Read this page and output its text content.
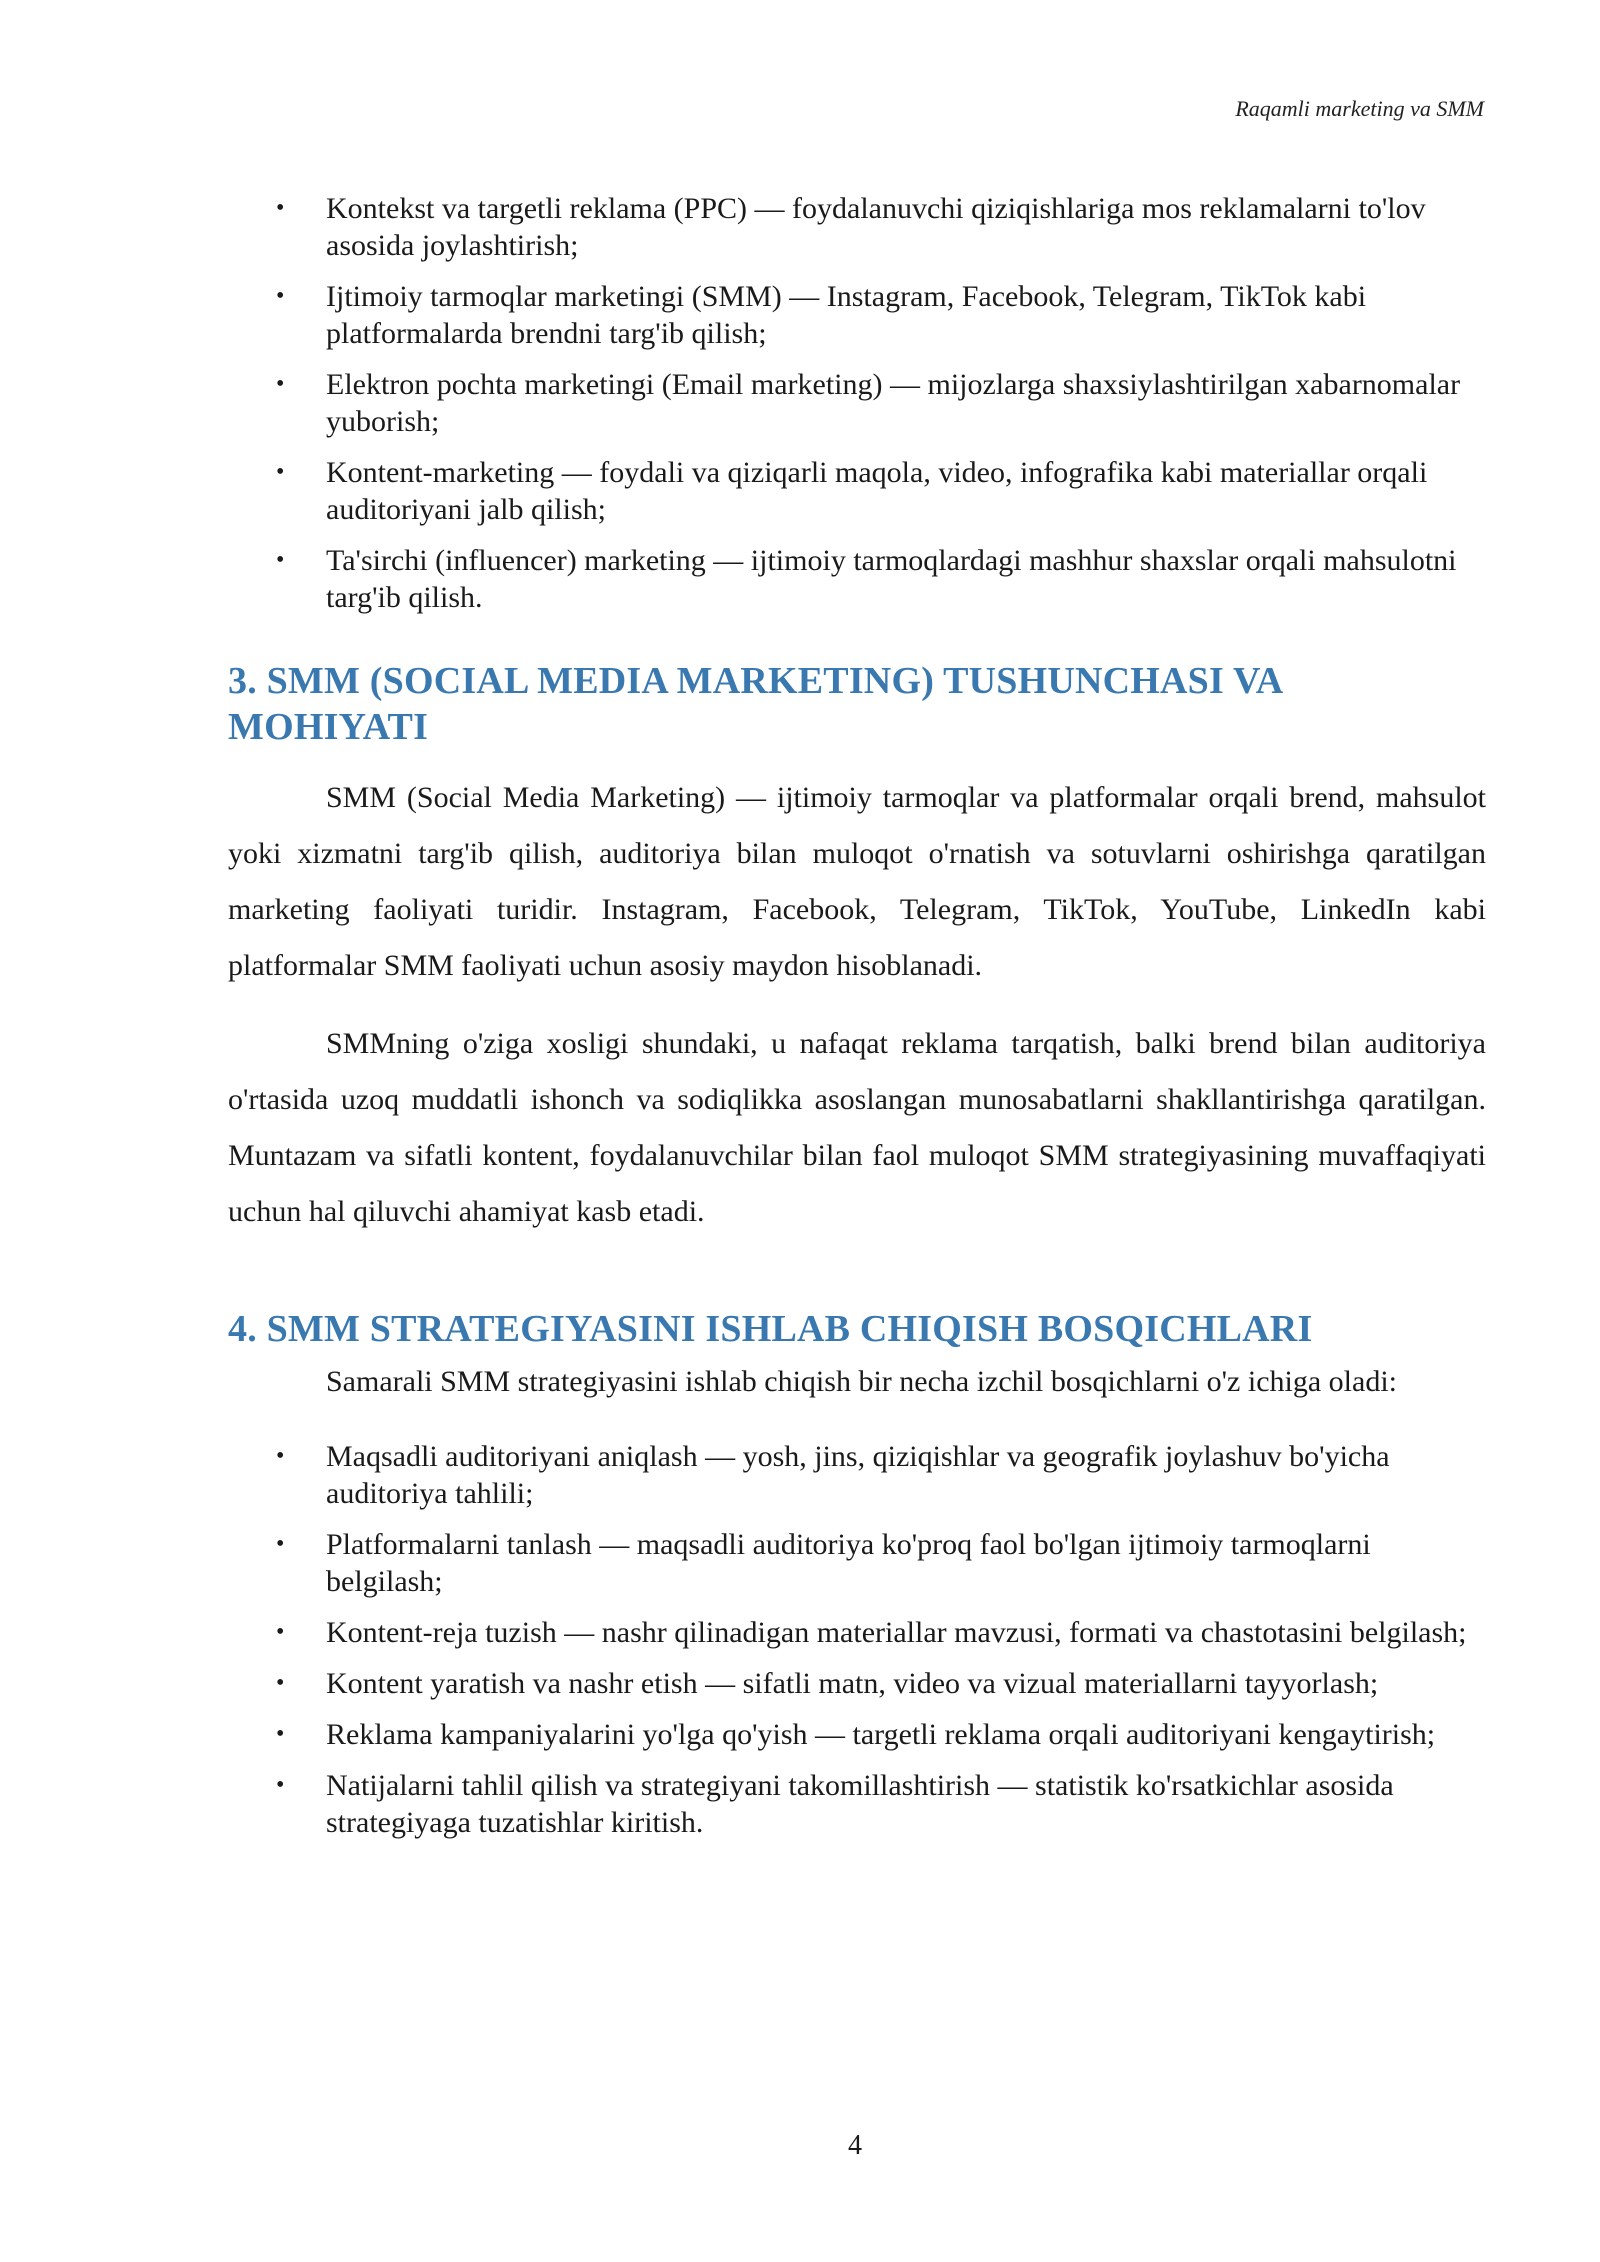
Raqamli marketing va SMM
• Kontekst va targetli reklama (PPC) — foydalanuvchi qiziqishlariga mos reklamalarni to'lov asosida joylashtirish;
• Ijtimoiy tarmoqlar marketingi (SMM) — Instagram, Facebook, Telegram, TikTok kabi platformalarda brendni targ'ib qilish;
• Elektron pochta marketingi (Email marketing) — mijozlarga shaxsiylashtirilgan xabarnomalar yuborish;
• Kontent-marketing — foydali va qiziqarli maqola, video, infografika kabi materiallar orqali auditoriyani jalb qilish;
• Ta'sirchi (influencer) marketing — ijtimoiy tarmoqlardagi mashhur shaxslar orqali mahsulotni targ'ib qilish.
3. SMM (SOCIAL MEDIA MARKETING) TUSHUNCHASI VA MOHIYATI

SMM (Social Media Marketing) — ijtimoiy tarmoqlar va platformalar orqali brend, mahsulot yoki xizmatni targ'ib qilish, auditoriya bilan muloqot o'rnatish va sotuvlarni oshirishga qaratilgan marketing faoliyati turidir. Instagram, Facebook, Telegram, TikTok, YouTube, LinkedIn kabi platformalar SMM faoliyati uchun asosiy maydon hisoblanadi.

SMMning o'ziga xosligi shundaki, u nafaqat reklama tarqatish, balki brend bilan auditoriya o'rtasida uzoq muddatli ishonch va sodiqlikka asoslangan munosabatlarni shakllantirishga qaratilgan. Muntazam va sifatli kontent, foydalanuvchilar bilan faol muloqot SMM strategiyasining muvaffaqiyati uchun hal qiluvchi ahamiyat kasb etadi.

4. SMM STRATEGIYASINI ISHLAB CHIQISH BOSQICHLARI

Samarali SMM strategiyasini ishlab chiqish bir necha izchil bosqichlarni o'z ichiga oladi:

• Maqsadli auditoriyani aniqlash — yosh, jins, qiziqishlar va geografik joylashuv bo'yicha auditoriya tahlili;
• Platformalarni tanlash — maqsadli auditoriya ko'proq faol bo'lgan ijtimoiy tarmoqlarni belgilash;
• Kontent-reja tuzish — nashr qilinadigan materiallar mavzusi, formati va chastotasini belgilash;
• Kontent yaratish va nashr etish — sifatli matn, video va vizual materiallarni tayyorlash;
• Reklama kampaniyalarini yo'lga qo'yish — targetli reklama orqali auditoriyani kengaytirish;
• Natijalarni tahlil qilish va strategiyani takomillashtirish — statistik ko'rsatkichlar asosida strategiyaga tuzatishlar kiritish.
4
